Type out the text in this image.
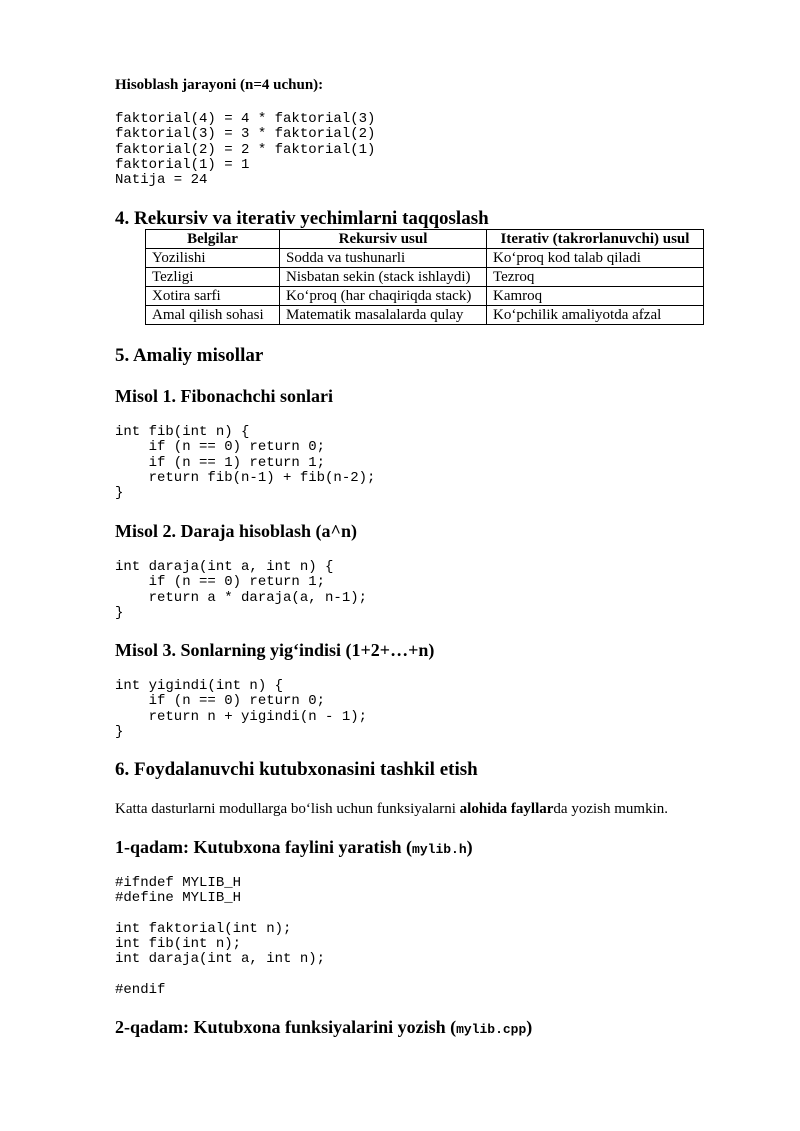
Hisoblash jarayoni (n=4 uchun):
faktorial(4) = 4 * faktorial(3)
faktorial(3) = 3 * faktorial(2)
faktorial(2) = 2 * faktorial(1)
faktorial(1) = 1
Natija = 24
4. Rekursiv va iterativ yechimlarni taqqoslash
Belgilar	Rekursiv usul	Iterativ (takrorlanuvchi) usul
Yozilishi	Sodda va tushunarli	Ko‘proq kod talab qiladi
Tezligi	Nisbatan sekin (stack ishlaydi)	Tezroq
Xotira sarfi	Ko‘proq (har chaqiriqda stack)	Kamroq
Amal qilish sohasi	Matematik masalalarda qulay	Ko‘pchilik amaliyotda afzal
5. Amaliy misollar
Misol 1. Fibonachchi sonlari
int fib(int n) {
if (n == 0) return 0;
if (n == 1) return 1;
return fib(n-1) + fib(n-2);
}
Misol 2. Daraja hisoblash (a^n)
int daraja(int a, int n) {
if (n == 0) return 1;
return a * daraja(a, n-1);
}
Misol 3. Sonlarning yig‘indisi (1+2+…+n)
int yigindi(int n) {
if (n == 0) return 0;
return n + yigindi(n - 1);
}
6. Foydalanuvchi kutubxonasini tashkil etish
Katta dasturlarni modullarga bo‘lish uchun funksiyalarni alohida fayllarda yozish mumkin.
1-qadam: Kutubxona faylini yaratish (mylib.h)
#ifndef MYLIB_H
#define MYLIB_H

int faktorial(int n);
int fib(int n);
int daraja(int a, int n);

#endif
2-qadam: Kutubxona funksiyalarini yozish (mylib.cpp)
